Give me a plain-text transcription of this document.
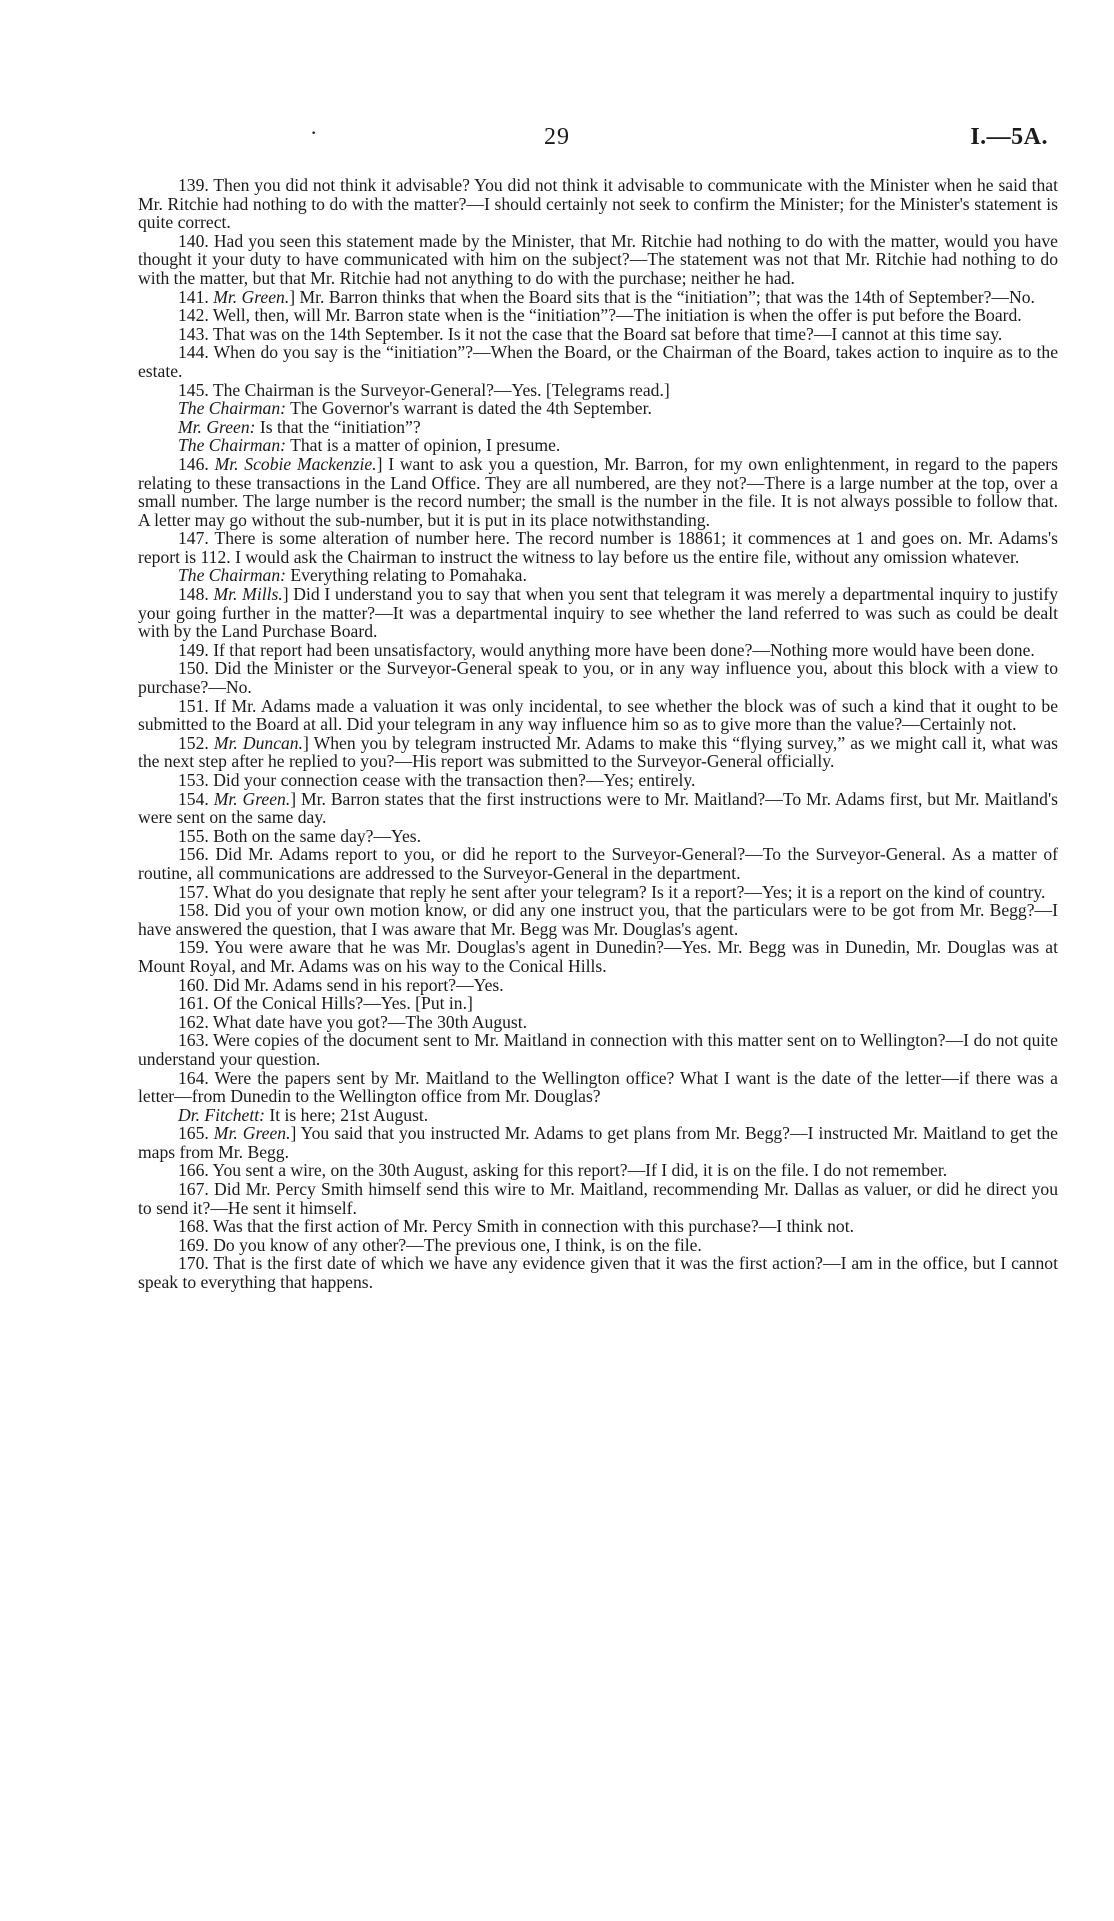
·	29	I.—5A.

139. Then you did not think it advisable? You did not think it advisable to communicate with the Minister when he said that Mr. Ritchie had nothing to do with the matter?—I should certainly not seek to confirm the Minister; for the Minister's statement is quite correct.

140. Had you seen this statement made by the Minister, that Mr. Ritchie had nothing to do with the matter, would you have thought it your duty to have communicated with him on the subject?—The statement was not that Mr. Ritchie had nothing to do with the matter, but that Mr. Ritchie had not anything to do with the purchase; neither he had.

141. Mr. Green.] Mr. Barron thinks that when the Board sits that is the “initiation”; that was the 14th of September?—No.

142. Well, then, will Mr. Barron state when is the “initiation”?—The initiation is when the offer is put before the Board.

143. That was on the 14th September. Is it not the case that the Board sat before that time?—I cannot at this time say.

144. When do you say is the “initiation”?—When the Board, or the Chairman of the Board, takes action to inquire as to the estate.

145. The Chairman is the Surveyor-General?—Yes. [Telegrams read.]

The Chairman: The Governor's warrant is dated the 4th September.

Mr. Green: Is that the “initiation”?

The Chairman: That is a matter of opinion, I presume.

146. Mr. Scobie Mackenzie.] I want to ask you a question, Mr. Barron, for my own enlightenment, in regard to the papers relating to these transactions in the Land Office. They are all numbered, are they not?—There is a large number at the top, over a small number. The large number is the record number; the small is the number in the file. It is not always possible to follow that. A letter may go without the sub-number, but it is put in its place notwithstanding.

147. There is some alteration of number here. The record number is 18861; it commences at 1 and goes on. Mr. Adams's report is 112. I would ask the Chairman to instruct the witness to lay before us the entire file, without any omission whatever.

The Chairman: Everything relating to Pomahaka.

148. Mr. Mills.] Did I understand you to say that when you sent that telegram it was merely a departmental inquiry to justify your going further in the matter?—It was a departmental inquiry to see whether the land referred to was such as could be dealt with by the Land Purchase Board.

149. If that report had been unsatisfactory, would anything more have been done?—Nothing more would have been done.

150. Did the Minister or the Surveyor-General speak to you, or in any way influence you, about this block with a view to purchase?—No.

151. If Mr. Adams made a valuation it was only incidental, to see whether the block was of such a kind that it ought to be submitted to the Board at all. Did your telegram in any way influence him so as to give more than the value?—Certainly not.

152. Mr. Duncan.] When you by telegram instructed Mr. Adams to make this “flying survey,” as we might call it, what was the next step after he replied to you?—His report was submitted to the Surveyor-General officially.

153. Did your connection cease with the transaction then?—Yes; entirely.

154. Mr. Green.] Mr. Barron states that the first instructions were to Mr. Maitland?—To Mr. Adams first, but Mr. Maitland's were sent on the same day.

155. Both on the same day?—Yes.

156. Did Mr. Adams report to you, or did he report to the Surveyor-General?—To the Surveyor-General. As a matter of routine, all communications are addressed to the Surveyor-General in the department.

157. What do you designate that reply he sent after your telegram? Is it a report?—Yes; it is a report on the kind of country.

158. Did you of your own motion know, or did any one instruct you, that the particulars were to be got from Mr. Begg?—I have answered the question, that I was aware that Mr. Begg was Mr. Douglas's agent.

159. You were aware that he was Mr. Douglas's agent in Dunedin?—Yes. Mr. Begg was in Dunedin, Mr. Douglas was at Mount Royal, and Mr. Adams was on his way to the Conical Hills.

160. Did Mr. Adams send in his report?—Yes.

161. Of the Conical Hills?—Yes. [Put in.]

162. What date have you got?—The 30th August.

163. Were copies of the document sent to Mr. Maitland in connection with this matter sent on to Wellington?—I do not quite understand your question.

164. Were the papers sent by Mr. Maitland to the Wellington office? What I want is the date of the letter—if there was a letter—from Dunedin to the Wellington office from Mr. Douglas?

Dr. Fitchett: It is here; 21st August.

165. Mr. Green.] You said that you instructed Mr. Adams to get plans from Mr. Begg?—I instructed Mr. Maitland to get the maps from Mr. Begg.

166. You sent a wire, on the 30th August, asking for this report?—If I did, it is on the file. I do not remember.

167. Did Mr. Percy Smith himself send this wire to Mr. Maitland, recommending Mr. Dallas as valuer, or did he direct you to send it?—He sent it himself.

168. Was that the first action of Mr. Percy Smith in connection with this purchase?—I think not.

169. Do you know of any other?—The previous one, I think, is on the file.

170. That is the first date of which we have any evidence given that it was the first action?—I am in the office, but I cannot speak to everything that happens.
